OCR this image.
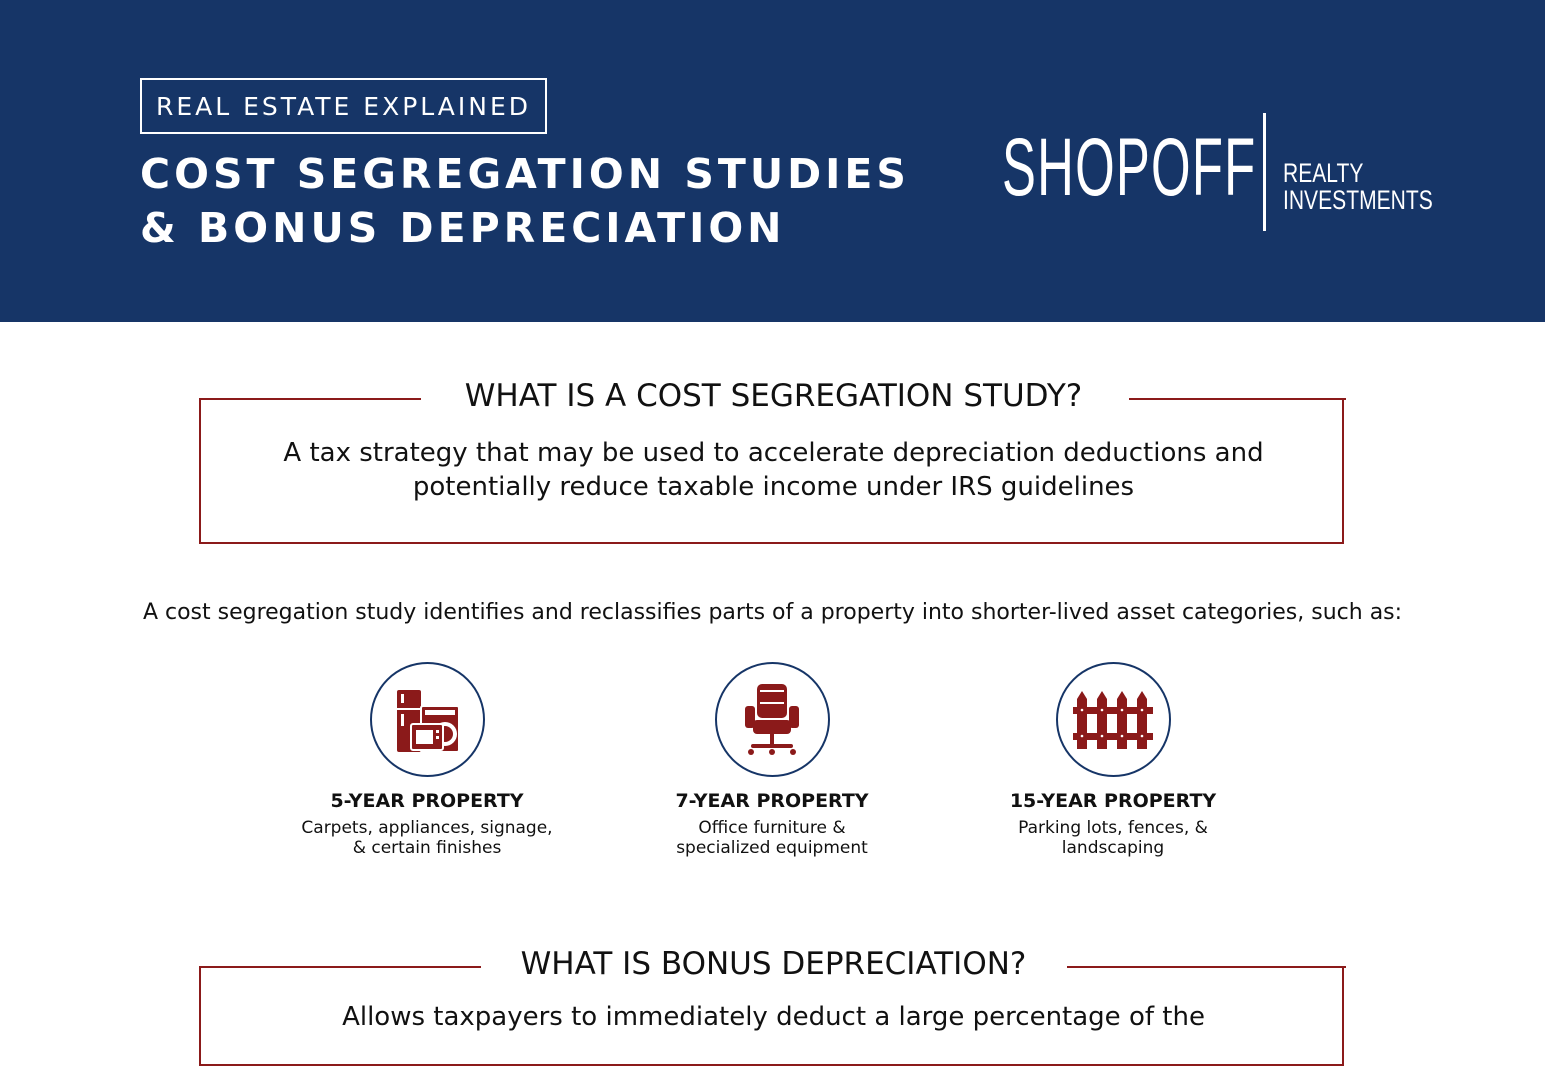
REAL ESTATE EXPLAINED
COST SEGREGATION STUDIES
& BONUS DEPRECIATION
SHOPOFF REALTY
INVESTMENTS
WHAT IS A COST SEGREGATION STUDY?
A tax strategy that may be used to accelerate depreciation deductions and
potentially reduce taxable income under IRS guidelines
A cost segregation study identifies and reclassifies parts of a property into shorter-lived asset categories, such as:
5-YEAR PROPERTY
Carpets, appliances, signage,
& certain finishes
7-YEAR PROPERTY
Office furniture &
specialized equipment
15-YEAR PROPERTY
Parking lots, fences, &
landscaping
WHAT IS BONUS DEPRECIATION?
Allows taxpayers to immediately deduct a large percentage of the
